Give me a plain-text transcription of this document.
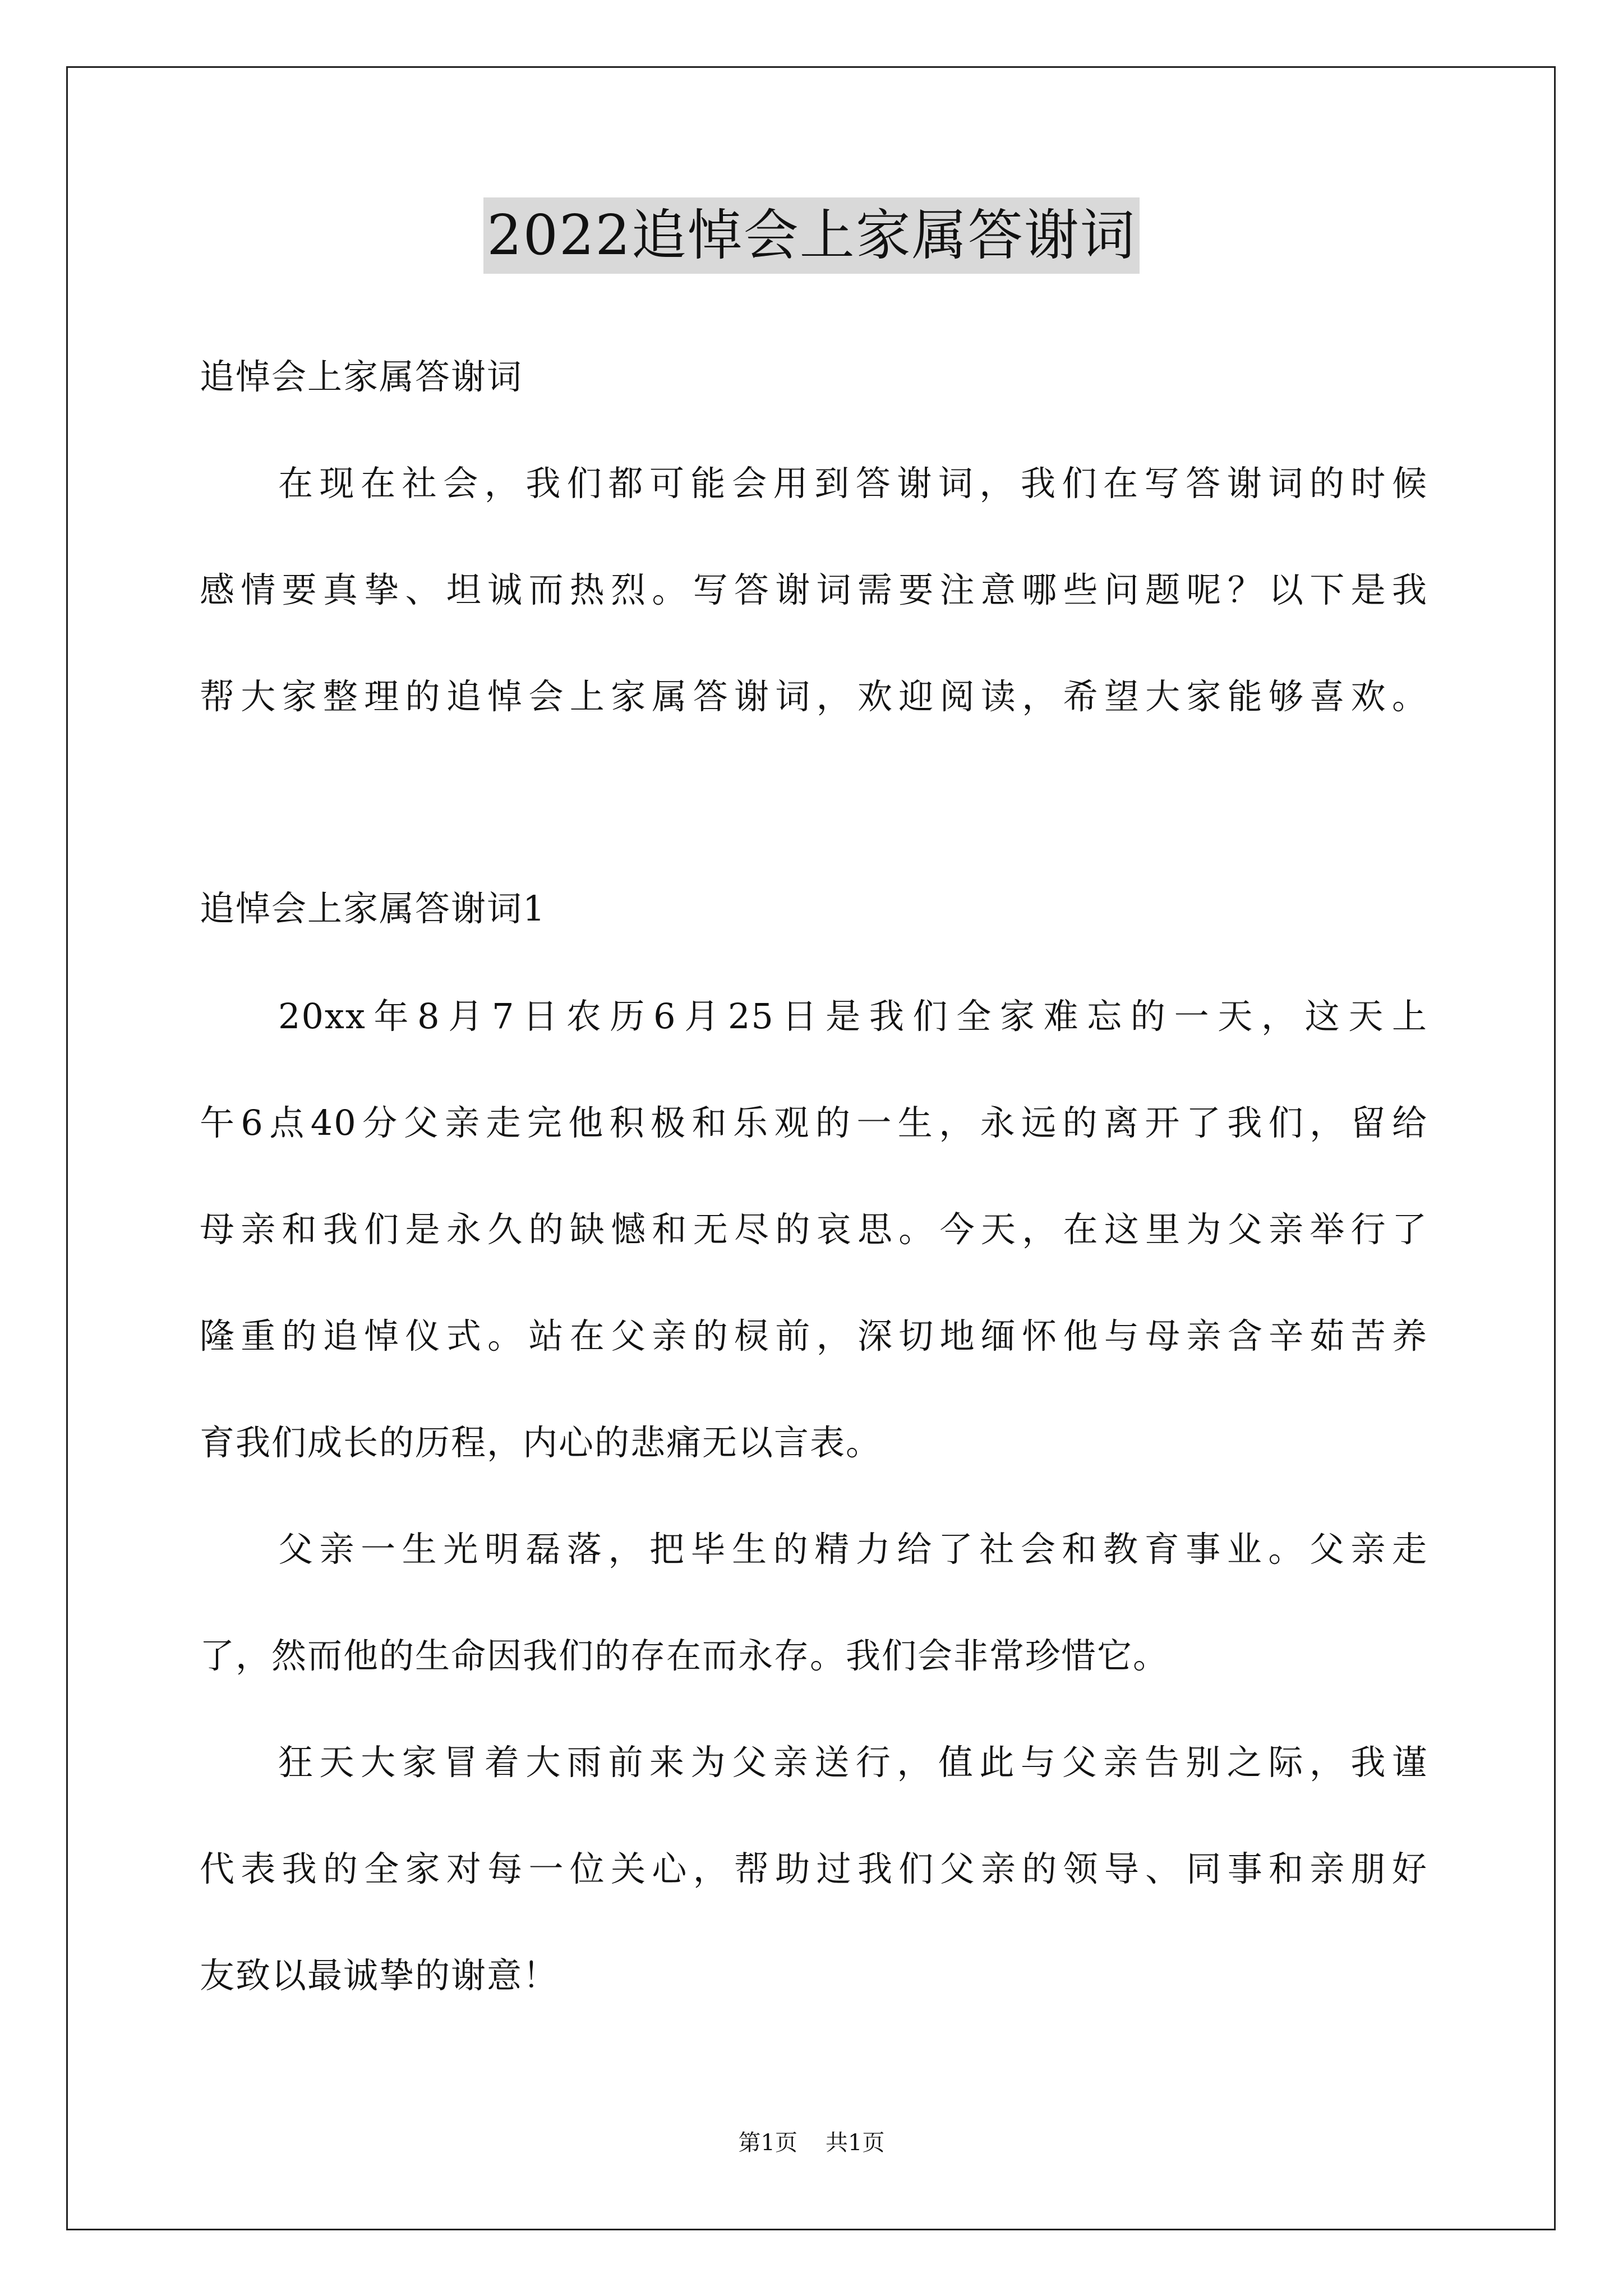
2022追悼会上家属答谢词
追悼会上家属答谢词
在现在社会，我们都可能会用到答谢词，我们在写答谢词的时候
感情要真挚、坦诚而热烈。写答谢词需要注意哪些问题呢？以下是我
帮大家整理的追悼会上家属答谢词，欢迎阅读，希望大家能够喜欢。
追悼会上家属答谢词1
20xx年8月7日农历6月25日是我们全家难忘的一天，这天上
午6点40分父亲走完他积极和乐观的一生，永远的离开了我们，留给
母亲和我们是永久的缺憾和无尽的哀思。今天，在这里为父亲举行了
隆重的追悼仪式。站在父亲的棂前，深切地缅怀他与母亲含辛茹苦养
育我们成长的历程，内心的悲痛无以言表。
父亲一生光明磊落，把毕生的精力给了社会和教育事业。父亲走
了，然而他的生命因我们的存在而永存。我们会非常珍惜它。
狂天大家冒着大雨前来为父亲送行，值此与父亲告别之际，我谨
代表我的全家对每一位关心，帮助过我们父亲的领导、同事和亲朋好
友致以最诚挚的谢意！
第1页 共1页
